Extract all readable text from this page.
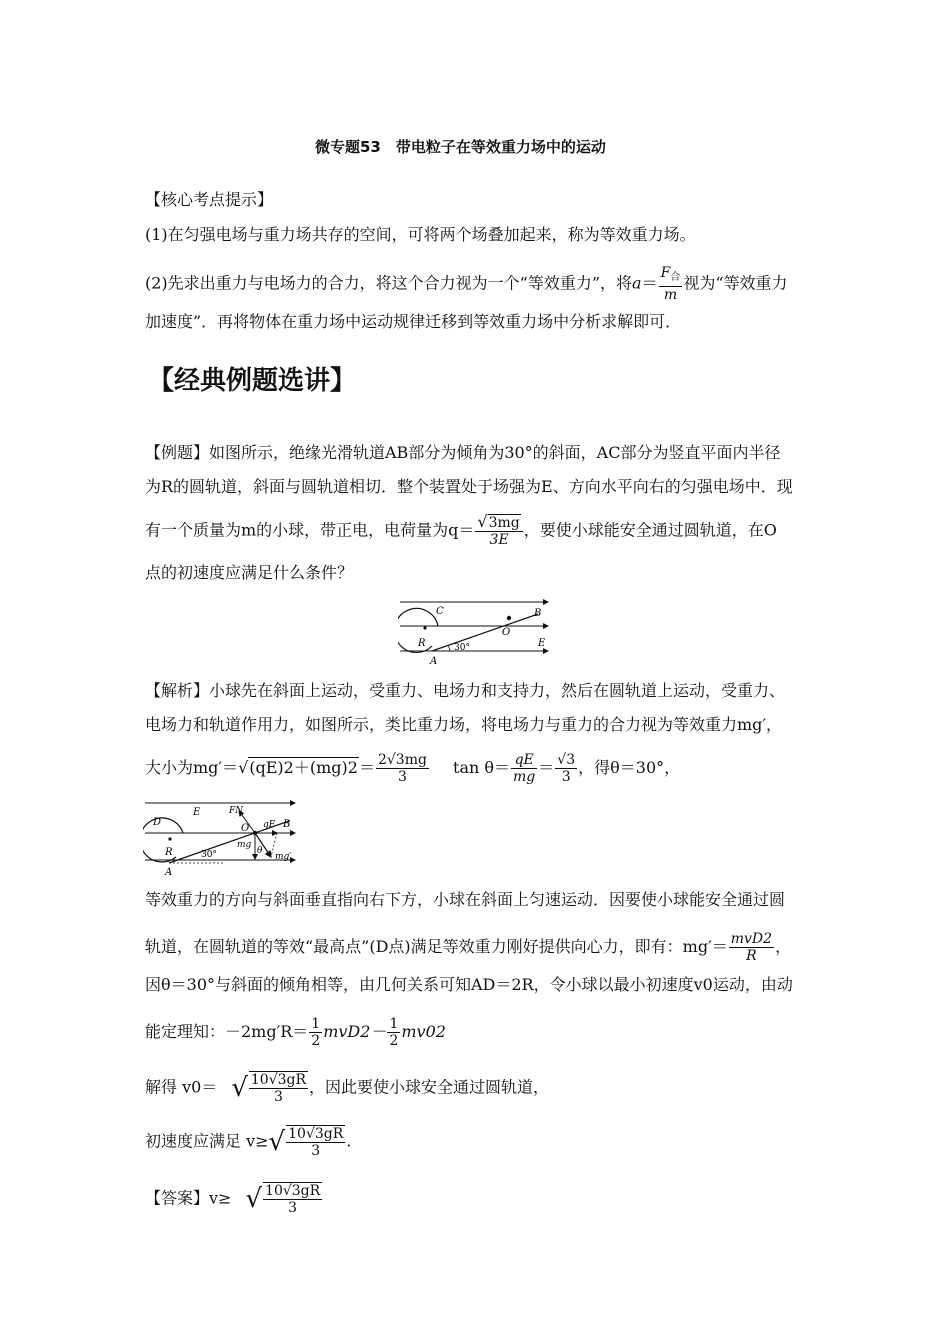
微专题53　带电粒子在等效重力场中的运动
【核心考点提示】
(1)在匀强电场与重力场共存的空间，可将两个场叠加起来，称为等效重力场。
(2)先求出重力与电场力的合力，将这个合力视为一个“等效重力”，将$a= \frac{F_合}{m}$ 视为“等效重力
加速度”．再将物体在重力场中运动规律迁移到等效重力场中分析求解即可．
【经典例题选讲】
【例题】如图所示，绝缘光滑轨道AB部分为倾角为30°的斜面，AC部分为竖直平面内半径
为R的圆轨道，斜面与圆轨道相切．整个装置处于场强为E、方向水平向右的匀强电场中．现
有一个质量为m的小球，带正电，电荷量为$q= \frac{√3mg}{3E}$ ，要使小球能安全通过圆轨道，在O
点的初速度应满足什么条件？
C	B
O
R	E
A
30°
【解析】小球先在斜面上运动，受重力、电场力和支持力，然后在圆轨道上运动，受重力、
电场力和轨道作用力，如图所示，类比重力场，将电场力与重力的合力视为等效重力mg′，
大小为$mg'=√(qE)2+(mg)2= \frac{2√3mg}{3}$ $\tan \theta= \frac{qE}{mg} = \frac{√3}{3}$ ，得θ＝30°，
D
E	FN
O qE B
R	30°
mg
θ
mg′
A
等效重力的方向与斜面垂直指向右下方，小球在斜面上匀速运动．因要使小球能安全通过圆
轨道，在圆轨道的等效“最高点”(D点)满足等效重力刚好提供向心力，即有：$mg'= \frac{\text{mvD2}}{R}$ ，
因θ＝30°与斜面的倾角相等，由几何关系可知AD＝2R，令小球以最小初速度v0运动，由动
能定理知：$-2mg'R= \frac{1}{2} mvD2- \frac{1}{2} mv02$
解得 v0＝ √ $\frac{10√3gR}{3}$ ，因此要使小球安全通过圆轨道，
初速度应满足 $v\ge√ \frac{10√3gR}{3}$ .
【答案】v≥ √ $\frac{10√3gR}{3}$
